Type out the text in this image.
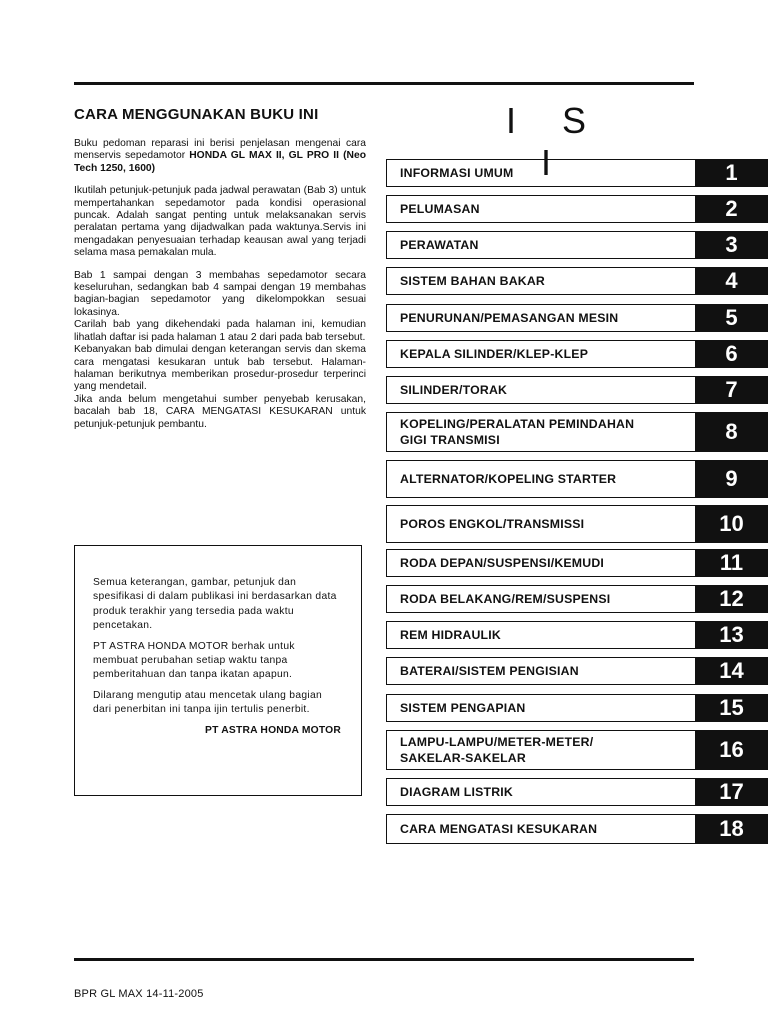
CARA MENGGUNAKAN BUKU INI

Buku pedoman reparasi ini berisi penjelasan mengenai cara menservis sepedamotor HONDA GL MAX II, GL PRO II (Neo Tech 1250, 1600)

Ikutilah petunjuk-petunjuk pada jadwal perawatan (Bab 3) untuk mempertahankan sepedamotor pada kondisi operasional puncak. Adalah sangat penting untuk melaksanakan servis peralatan pertama yang dijadwalkan pada waktunya.Servis ini mengadakan penyesuaian terhadap keausan awal yang terjadi selama masa pemakalan mula.

Bab 1 sampai dengan 3 membahas sepedamotor secara keseluruhan, sedangkan bab 4 sampai dengan 19 membahas bagian-bagian sepedamotor yang dikelompokkan sesuai lokasinya.

Carilah bab yang dikehendaki pada halaman ini, kemudian lihatlah daftar isi pada halaman 1 atau 2 dari pada bab tersebut.

Kebanyakan bab dimulai dengan keterangan servis dan skema cara mengatasi kesukaran untuk bab tersebut. Halaman-halaman berikutnya memberikan prosedur-prosedur terperinci yang mendetail.

Jika anda belum mengetahui sumber penyebab kerusakan, bacalah bab 18, CARA MENGATASI KESUKARAN untuk petunjuk-petunjuk pembantu.

Semua keterangan, gambar, petunjuk dan spesifikasi di dalam publikasi ini berdasarkan data produk terakhir yang tersedia pada waktu pencetakan.

PT ASTRA HONDA MOTOR berhak untuk membuat perubahan setiap waktu tanpa pemberitahuan dan tanpa ikatan apapun.

Dilarang mengutip atau mencetak ulang bagian dari penerbitan ini tanpa ijin tertulis penerbit.

PT ASTRA HONDA MOTOR
I S I
INFORMASI UMUM	1
PELUMASAN	2
PERAWATAN	3
SISTEM BAHAN BAKAR	4
PENURUNAN/PEMASANGAN MESIN	5
KEPALA SILINDER/KLEP-KLEP	6
SILINDER/TORAK	7
KOPELING/PERALATAN PEMINDAHAN GIGI TRANSMISI	8
ALTERNATOR/KOPELING STARTER	9
POROS ENGKOL/TRANSMISSI	10
RODA DEPAN/SUSPENSI/KEMUDI	11
RODA BELAKANG/REM/SUSPENSI	12
REM HIDRAULIK	13
BATERAI/SISTEM PENGISIAN	14
SISTEM PENGAPIAN	15
LAMPU-LAMPU/METER-METER/ SAKELAR-SAKELAR	16
DIAGRAM LISTRIK	17
CARA MENGATASI KESUKARAN	18
BPR GL MAX 14-11-2005
